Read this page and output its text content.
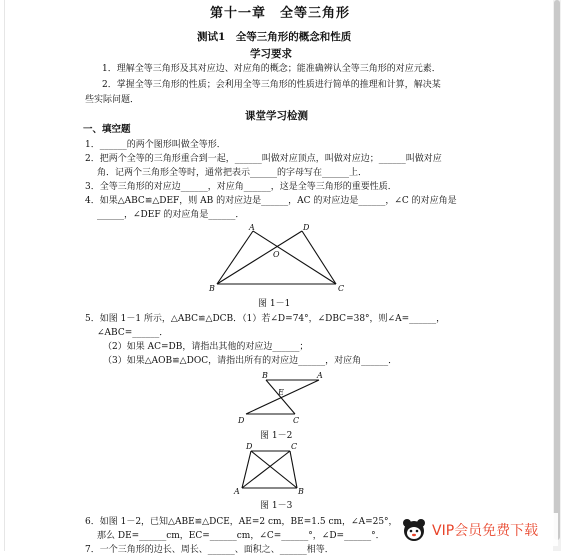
第十一章　全等三角形
测试1　全等三角形的概念和性质
学习要求
1．理解全等三角形及其对应边、对应角的概念；能准确辨认全等三角形的对应元素．
2．掌握全等三角形的性质；会利用全等三角形的性质进行简单的推理和计算，解决某
些实际问题．
课堂学习检测
一、填空题
1．______的两个图形叫做全等形．
2．把两个全等的三角形重合到一起，______叫做对应顶点，叫做对应边；______叫做对应
角．记两个三角形全等时，通常把表示______的字母写在______上．
3．全等三角形的对应边______，对应角______，这是全等三角形的重要性质．
4．如果△ABC≌△DEF，则 AB 的对应边是______，AC 的对应边是______，∠C 的对应角是
______，∠DEF 的对应角是______．
A	D
O
B	C
图 1－1
5．如图 1－1 所示，△ABC≌△DCB．（1）若∠D=74°，∠DBC=38°，则∠A=______，
∠ABC=______．
（2）如果 AC=DB，请指出其他的对应边______；
（3）如果△AOB≌△DOC，请指出所有的对应边______，对应角______．
B	A
E
D	C
图 1－2
D	C
A	B
图 1－3
6．如图 1－2，已知△ABE≌△DCE，AE=2 cm，BE=1.5 cm，∠A=25°，
那么 DE=______cm，EC=______cm，∠C=______°，∠D=______°．
7．一个三角形的边长、周长、______、面积之、______相等．
VIP会员免费下载
